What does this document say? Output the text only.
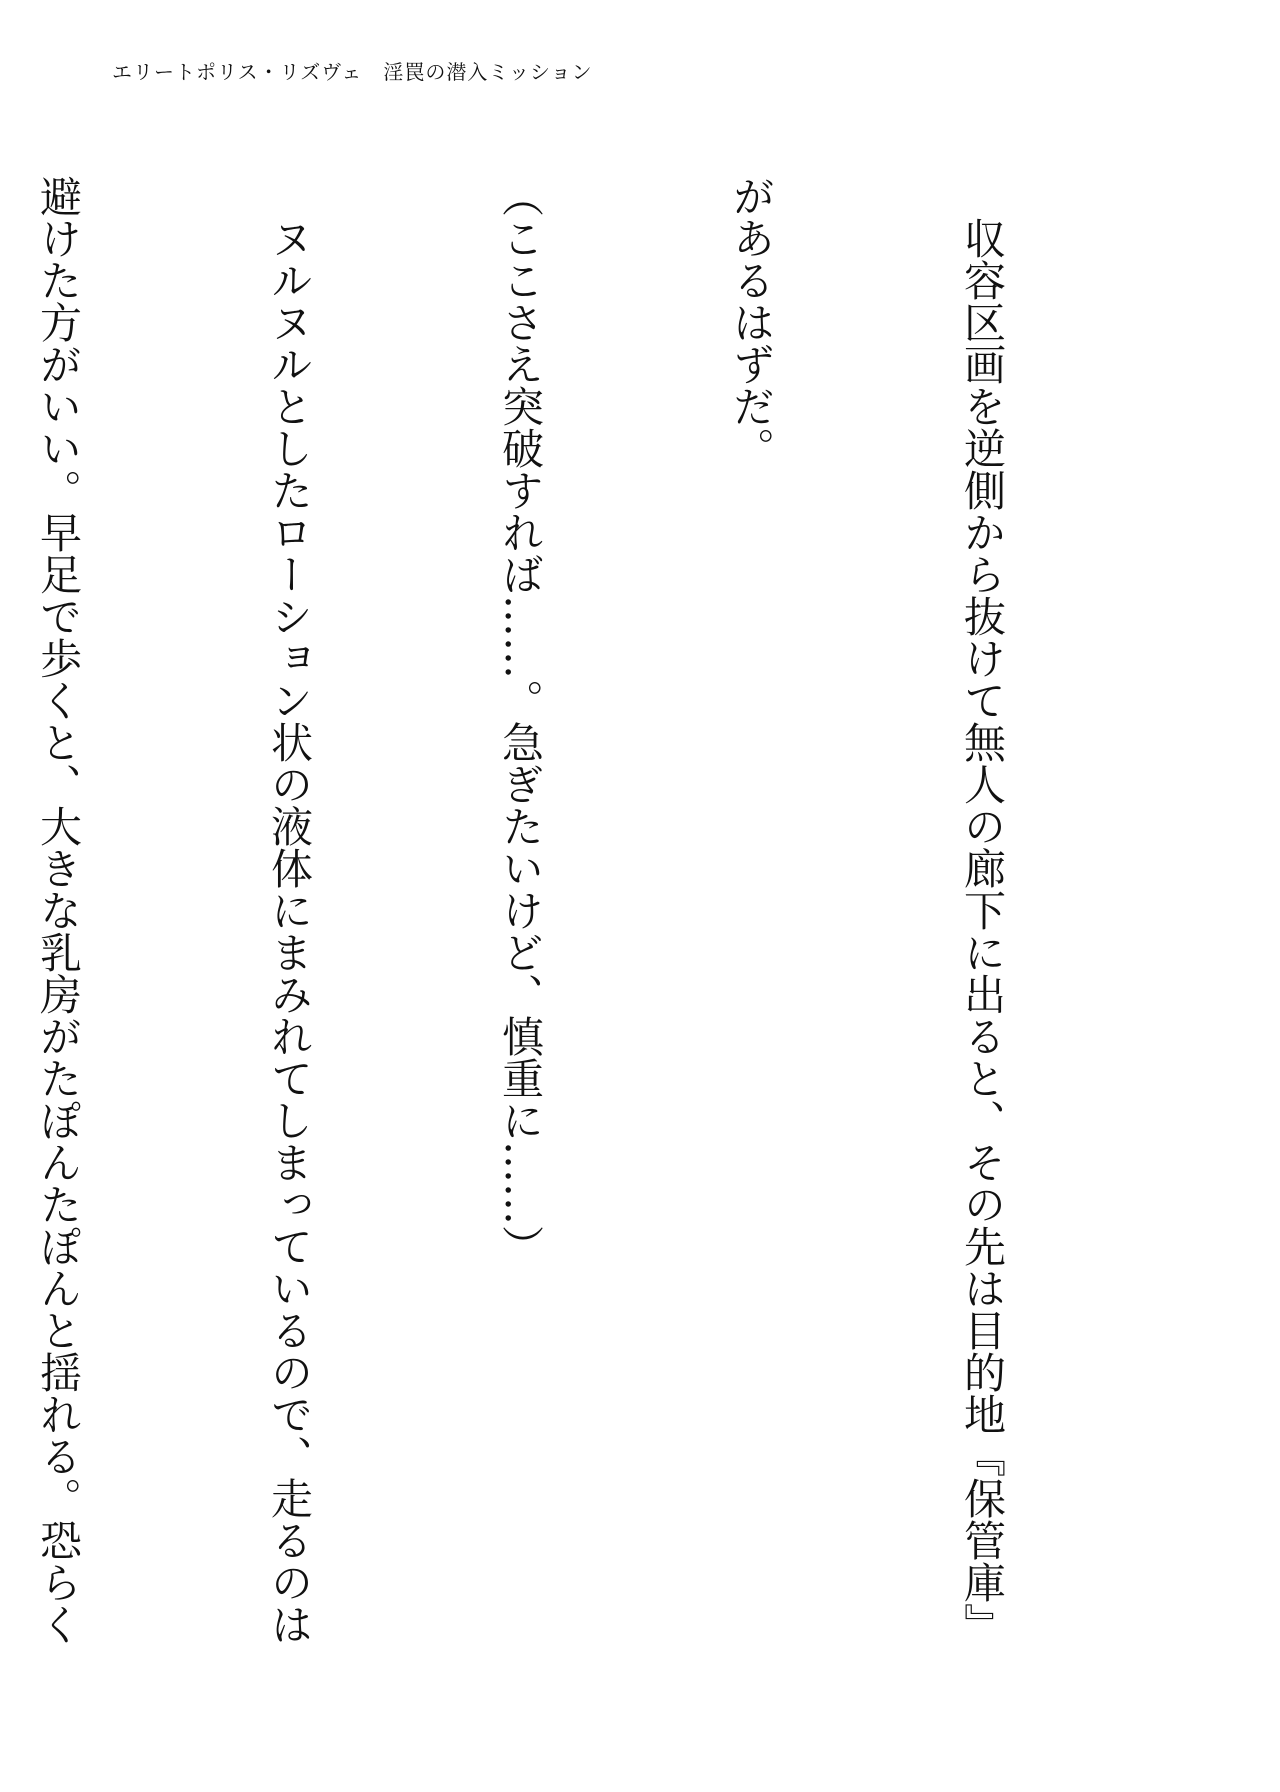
エリートポリス・リズヴェ　淫罠の潜入ミッション

　収容区画を逆側から抜けて無人の廊下に出ると、その先は目的地『保管庫』

があるはずだ。

（ここさえ突破すれば……。急ぎたいけど、慎重に……）

　ヌルヌルとしたローション状の液体にまみれてしまっているので、走るのは

避けた方がいい。早足で歩くと、大きな乳房がたぽんたぽんと揺れる。恐らく
